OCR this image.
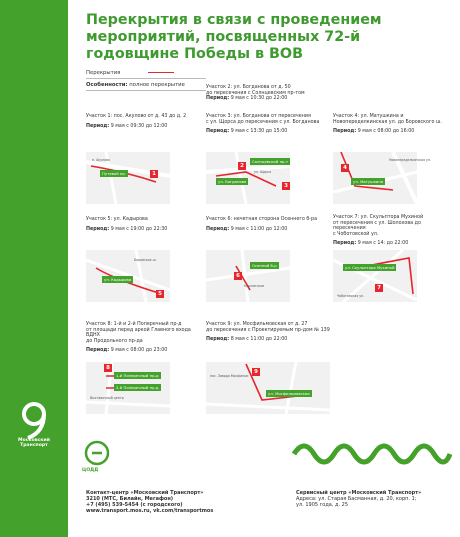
Московский
Транспорт
Перекрытия в связи с проведением мероприятий, посвященных 72-й годовщине Победы в ВОВ
Перекрытия
Особенности:
полное перекрытие
Участок 1: пос. Акулово от д. 43 до д. 2
Период: 9 мая с 09:30 до 12:00
Участок 2: ул. Богданова от д. 50
до пересечения с Солнцевским пр-том
Период: 9 мая с 10:30 до 22:00
Участок 3: ул. Богданова от пересечения
с ул. Щорса до пересечения с ул. Богданова
Период: 9 мая с 13:30 до 15:00
Участок 4: ул. Матушкина и
Новопеределкинская ул. до Боровского ш.
Период: 9 мая с 08:00 до 16:00
Участок 5: ул. Кадырова
Период: 9 мая с 19:00 до 22:30
Участок 6: нечетная сторона Осеннего б-ра
Период: 9 мая с 11:00 до 12:00
Участок 7: ул. Скульптора Мухиной
от пересечения с ул. Шолохова до пересечения
с Чоботовской ул.
Период: 9 мая с 14: до 22:00
Участок 8: 1-й и 2-й Поперечный пр-д
от площади перед аркой Главного входа ВДНХ
до Продольного пр-да
Период: 9 мая с 08:00 до 23:00
Участок 9: ул. Мосфильмовская от д. 27
до пересечения с Проектируемым пр-дом № 139
Период: 8 мая с 11:00 до 22:00
п. Акулово
Путевой пр.	1
Солнцевский пр-т
ул. Богданова
ул. Щорса
2
3
Новопеределкинская ул.
ул. Матушкина
4
Боровское ш.
ул. Кадырова
5
Осенний б-р
6
Крылатское
ул. Скульптора Мухиной
7
Чоботовская ул.
1-й Поперечный пр-д
2-й Поперечный пр-д
8
Выставочный центр
пос. Завода Мосфильм
ул. Мосфильмовская
9
ЦОДД
Контакт-центр «Московский Транспорт»
3210 (МТС, Билайн, Мегафон)
+7 (495) 539-5454 (с городского)
www.transport.mos.ru, vk.com/transportmos
Сервисный центр «Московский Транспорт»
Адреса: ул. Старая Басманная, д. 20, корп. 1;
ул. 1905 года, д. 25
